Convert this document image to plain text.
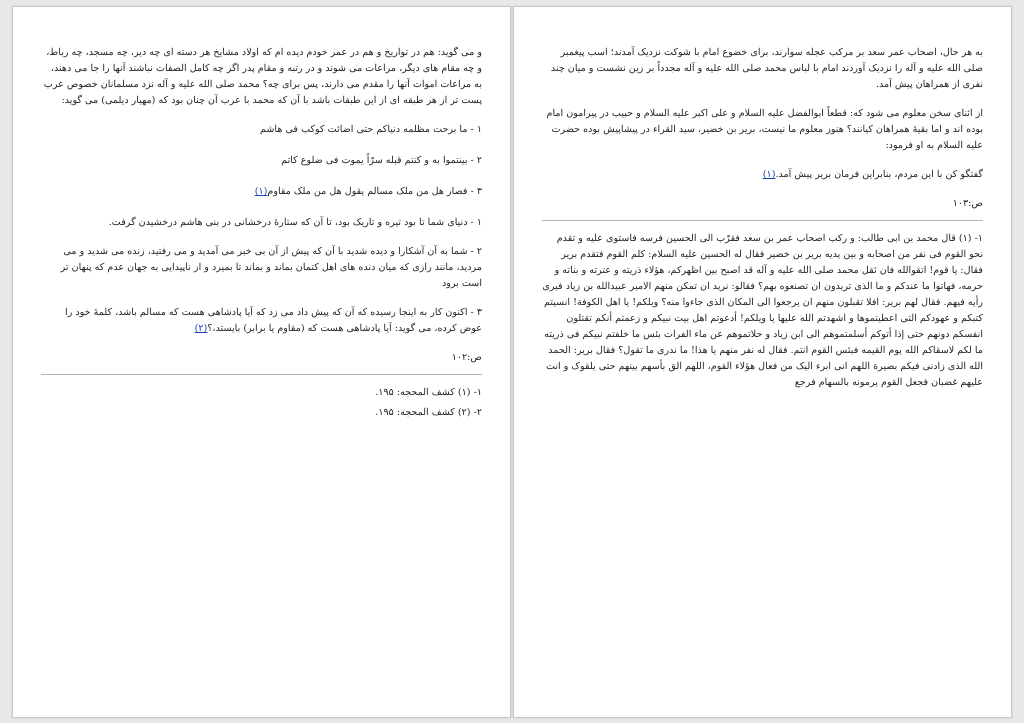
و می گوید: هم در تواریخ و هم در عمر خودم دیده ام که اولاد مشایخ هر دسته ای چه دیر، چه مسجد، چه رباط، و چه مقام های دیگر، مراعات می شوند و در رتبه و مقام پدر اگر چه کامل الصفات نباشند آنها را جا می دهند، به مراعات اموات آنها را مقدم می دارند، پس برای چه؟ محمد صلی الله علیه و آله نزد مسلمانان خصوص عرب پست تر از هر طبقه ای از این طبقات باشد با آن که محمد با عرب آن چنان بود که (مهیار دیلمی) می گوید:

۱ - ما برحت مظلمه دنیاکم حتی اضائت کوکب فی هاشم

۲ - بینتموا به و کنتم قبله سرّاً یموت فی ضلوع کاتم

۳ - فصار هل من ملک مسالم یقول هل من ملک مقاوم(۱)

۱ - دنیای شما تا بود تیره و تاریک بود، تا آن که ستارهٔ درخشانی در بنی هاشم درخشیدن گرفت.

۲ - شما به آن آشکارا و دیده شدید با آن که پیش از آن بی خبر می آمدید و می رفتید، زنده می شدید و می مردید، مانند رازی که میان دنده های اهل کتمان بماند و بماند تا بمیرد و از ناپیدایی به جهان عدم که پنهان تر است برود

۳ - اکنون کار به اینجا رسیده که آن که پیش داد می زد که آیا پادشاهی هست که مسالم باشد، کلمهٔ خود را عوض کرده، می گوید: آیا پادشاهی هست که (مقاوم یا برابر) بایستد،؟(۲)

ص:۱۰۲
۱- (۱) کشف المحجه: ۱۹۵.
۲- (۲) کشف المحجه: ۱۹۵.

به هر حال، اصحاب عمر سعد بر مرکب عجله سوارند، برای خضوع امام با شوکت نزدیک آمدند؛ اسب پیغمبر صلی الله علیه و آله را نزدیک آوردند امام با لباس محمد صلی الله علیه و آله مجدداً بر زین نشست و میان چند نفری از همراهان پیش آمد.

از اثنای سخن معلوم می شود که: قطعاً ابوالفضل علیه السلام و علی اکبر علیه السلام و حبیب در پیرامون امام بوده اند و اما بقیهٔ همراهان کیانند؟ هنوز معلوم ما نیست، بریر بن خضیر، سید القراء در پیشاپیش بوده حضرت علیه السلام به او فرمود:

گفتگو کن با این مردم، بنابراین فرمان بریر پیش آمد.(۱)

ص:۱۰۳
۱- (۱) قال محمد بن ابی طالب: و رکب اصحاب عمر بن سعد فقرّب الی الحسین فرسه فاستوی علیه و تقدم نحو القوم فی نفر من اصحابه و بین یدیه بریر بن خضیر فقال له الحسین علیه السلام: کلم القوم فتقدم بریر فقال: یا قوم! اتقوالله فان ثقل محمد صلی الله علیه و آله قد اصبح بین اظهرکم، هؤلاء ذریته و عترته و بناته و حرمه، فهاتوا ما عندکم و ما الذی تریدون ان تصنعوه بهم؟ فقالو: نرید ان تمکن منهم الامیر عبیدالله بن زیاد فیری رأیه فیهم. فقال لهم بریر: افلا تقبلون منهم ان یرجعوا الی المکان الذی جاءوا منه؟ ویلکم! یا اهل الکوفة! انسیتم کتبکم و عهودکم التی اعطیتموها و اشهدتم الله علیها یا ویلکم! أدعوتم اهل بیت نبیکم و زعمتم أنکم تقتلون انفسکم دونهم حتی إذا أتوکم أسلمتموهم الی ابن زیاد و حلاتموهم عن ماء الفرات بئس ما خلفتم نبیکم فی ذریته ما لکم لاسقاکم الله یوم القیمه فبئس القوم انتم. فقال له نفر منهم یا هذا! ما ندری ما تقول؟ فقال بریر: الحمد الله الذی زادنی فیکم بصیرة اللهم انی ابرء الیک من فعال هؤلاء القوم، اللهم الق بأسهم بینهم حتی یلقوک و انت علیهم غضبان فجعل القوم یرمونه بالسهام فرجع
